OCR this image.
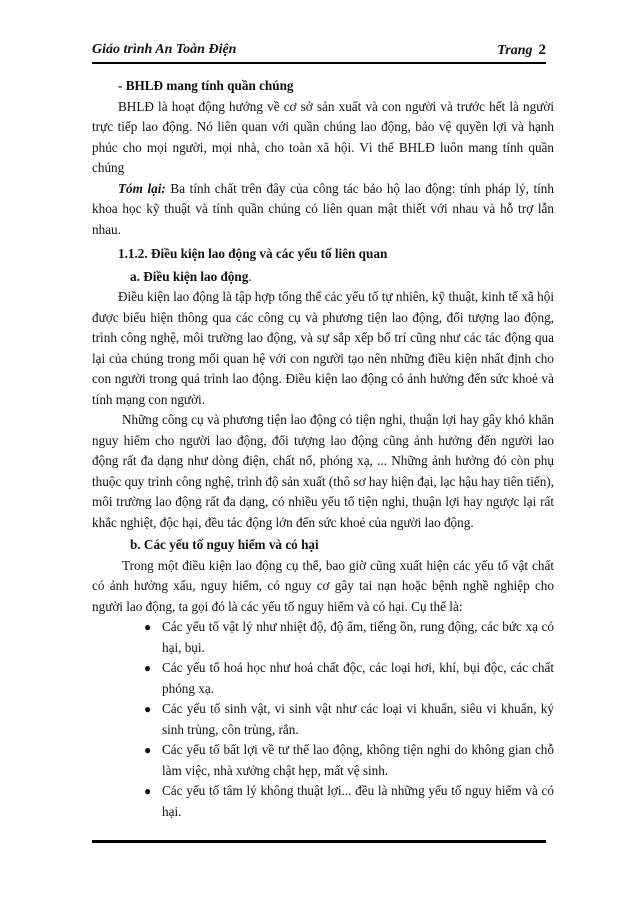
Giáo trình An Toàn Điện	Trang 2

- BHLĐ mang tính quần chúng

BHLĐ là hoạt động hướng về cơ sở sản xuất và con người và trước hết là người trực tiếp lao động. Nó liên quan với quần chúng lao động, bảo vệ quyền lợi và hạnh phúc cho mọi người, mọi nhà, cho toàn xã hội. Vì thế BHLĐ luôn mang tính quần chúng

Tóm lại: Ba tính chất trên đây của công tác bảo hộ lao động: tính pháp lý, tính khoa học kỹ thuật và tính quần chúng có liên quan mật thiết với nhau và hỗ trợ lẫn nhau.

1.1.2. Điều kiện lao động và các yếu tố liên quan

a. Điều kiện lao động.

Điều kiện lao động là tập hợp tổng thể các yếu tố tự nhiên, kỹ thuật, kinh tế xã hội được biểu hiện thông qua các công cụ và phương tiện lao động, đối tượng lao động, trình công nghệ, môi trường lao động, và sự sắp xếp bố trí cũng như các tác động qua lại của chúng trong mối quan hệ với con người tạo nên những điều kiện nhất định cho con người trong quá trình lao động. Điều kiện lao động có ảnh hưởng đến sức khoẻ và tính mạng con người.

Những công cụ và phương tiện lao động có tiện nghi, thuận lợi hay gây khó khăn nguy hiểm cho người lao động, đối tượng lao động cũng ảnh hưởng đến người lao động rất đa dạng như dòng điện, chất nổ, phóng xạ, ... Những ảnh hưởng đó còn phụ thuộc quy trình công nghệ, trình độ sản xuất (thô sơ hay hiện đại, lạc hậu hay tiên tiến), môi trường lao động rất đa dạng, có nhiều yếu tố tiện nghi, thuận lợi hay ngược lại rất khắc nghiệt, độc hại, đều tác động lớn đến sức khoẻ của người lao động.

b. Các yếu tố nguy hiểm và có hại

Trong một điều kiện lao động cụ thể, bao giờ cũng xuất hiện các yếu tố vật chất có ảnh hưởng xấu, nguy hiểm, có nguy cơ gây tai nạn hoặc bệnh nghề nghiệp cho người lao động, ta gọi đó là các yếu tố nguy hiểm và có hại. Cụ thể là:

● Các yếu tố vật lý như nhiệt độ, độ ẩm, tiếng ồn, rung động, các bức xạ có hại, bụi.
● Các yếu tố hoá học như hoá chất độc, các loại hơi, khí, bụi độc, các chất phóng xạ.
● Các yếu tố sinh vật, vi sinh vật như các loại vi khuẩn, siêu vi khuẩn, ký sinh trùng, côn trùng, rắn.
● Các yếu tố bất lợi về tư thế lao động, không tiện nghi do không gian chỗ làm việc, nhà xưởng chật hẹp, mất vệ sinh.
● Các yếu tố tâm lý không thuật lợi... đều là những yếu tố nguy hiểm và có hại.
